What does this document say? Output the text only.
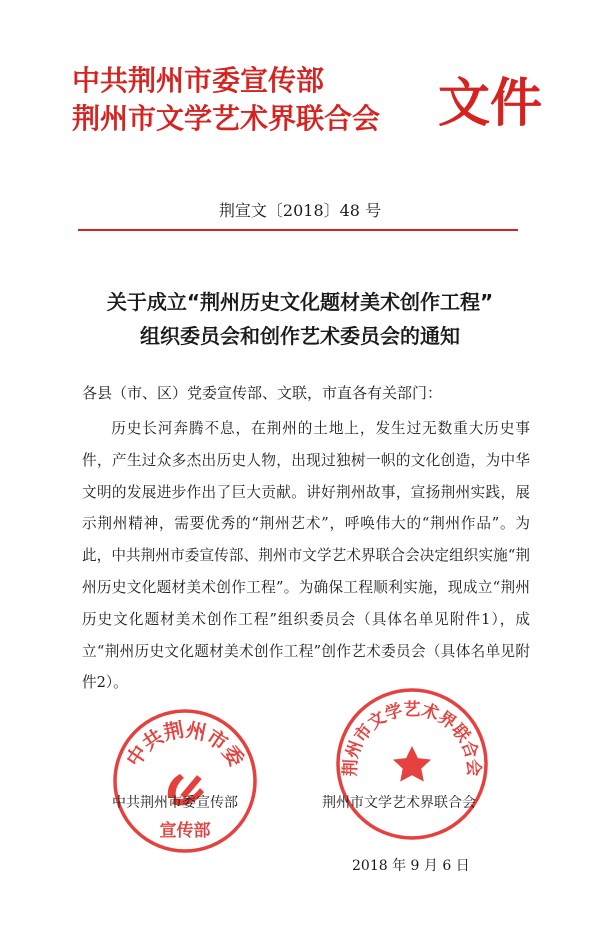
中共荆州市委宣传部
荆州市文学艺术界联合会	文件
荆宣文〔2018〕48 号
关于成立“荆州历史文化题材美术创作工程”
组织委员会和创作艺术委员会的通知
各县（市、区）党委宣传部、文联，市直各有关部门：
历史长河奔腾不息，在荆州的土地上，发生过无数重大历史事件，产生过众多杰出历史人物，出现过独树一帜的文化创造，为中华文明的发展进步作出了巨大贡献。讲好荆州故事，宣扬荆州实践，展示荆州精神，需要优秀的“荆州艺术”，呼唤伟大的“荆州作品”。为此，中共荆州市委宣传部、荆州市文学艺术界联合会决定组织实施“荆州历史文化题材美术创作工程”。为确保工程顺利实施，现成立“荆州历史文化题材美术创作工程”组织委员会（具体名单见附件1），成立“荆州历史文化题材美术创作工程”创作艺术委员会（具体名单见附件2）。
中共荆州市委
宣传部
荆州市文学艺术界联合会
中共荆州市委宣传部	荆州市文学艺术界联合会
2018 年 9 月 6 日
